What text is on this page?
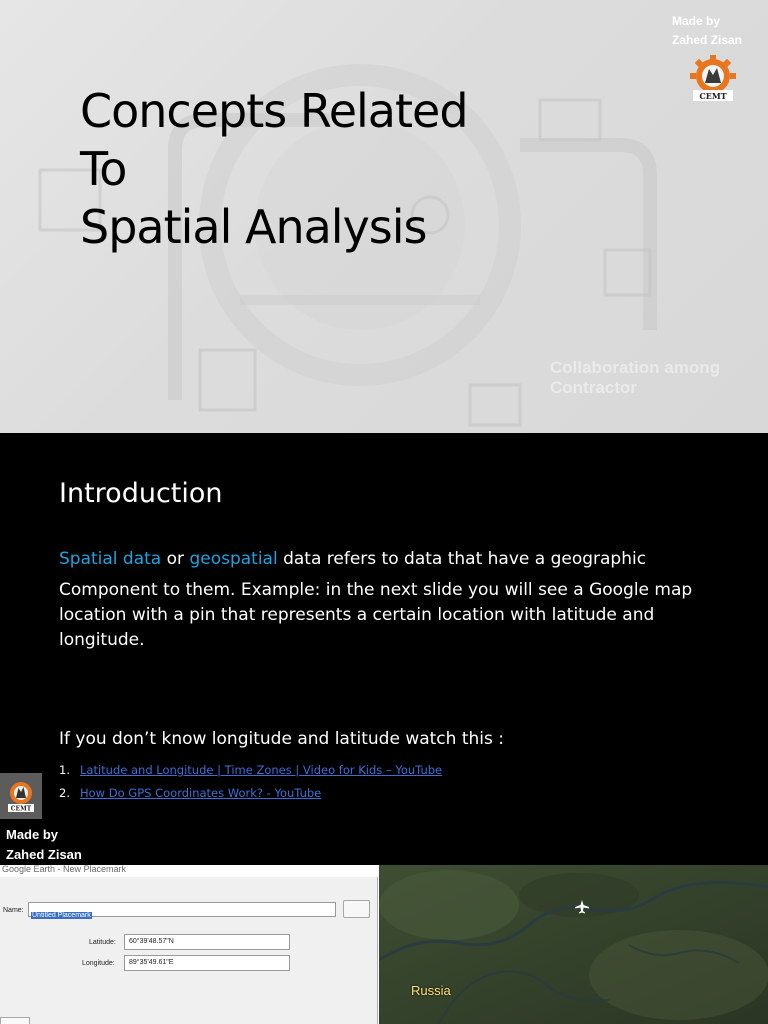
Concepts Related
To
Spatial Analysis
Made by
Zahed Zisan
CEMT
Collaboration among
Contractor
Introduction
Spatial data or geospatial data refers to data that have a geographic
Component to them. Example: in the next slide you will see a Google map location with a pin that represents a certain location with latitude and longitude.
If you don’t know longitude and latitude watch this :
1. Latitude and Longitude | Time Zones | Video for Kids – YouTube
2. How Do GPS Coordinates Work? - YouTube
CEMT
Made by
Zahed Zisan
Google Earth - New Placemark
Name:
Untitled Placemark
Latitude:	60°39'48.57"N
Longitude:	89°35'49.61"E
Russia
